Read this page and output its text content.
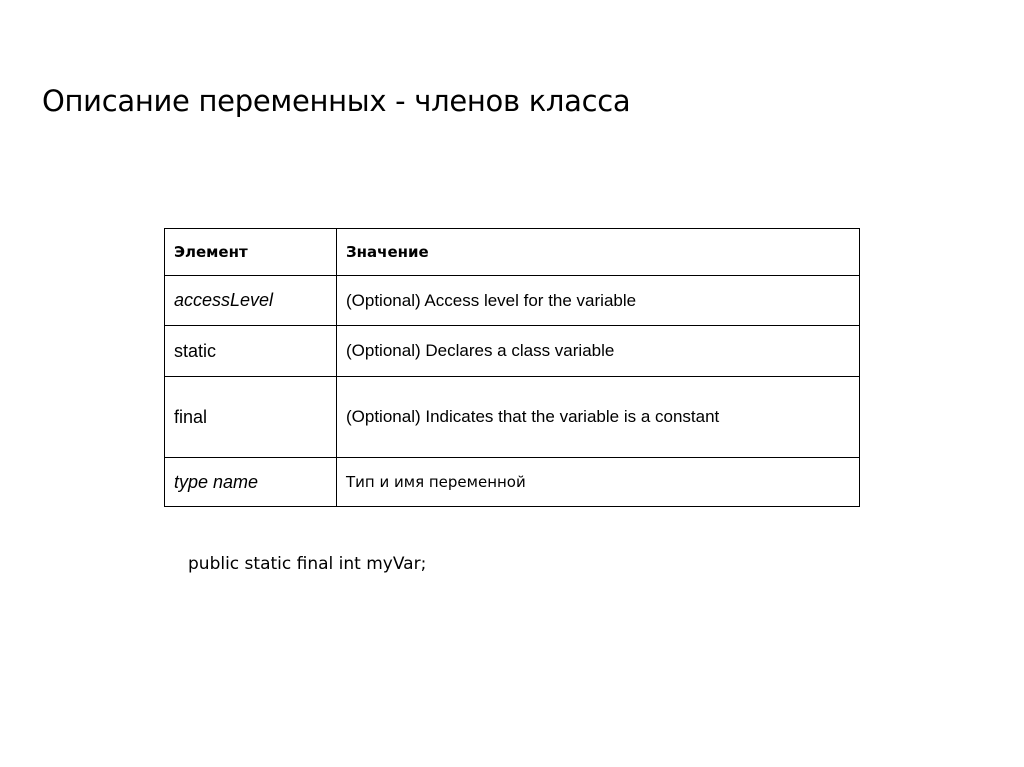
Описание переменных - членов класса
Элемент	Значение
accessLevel	(Optional) Access level for the variable
static	(Optional) Declares a class variable
final	(Optional) Indicates that the variable is a constant
type name	Тип и имя переменной
public static final int myVar;
